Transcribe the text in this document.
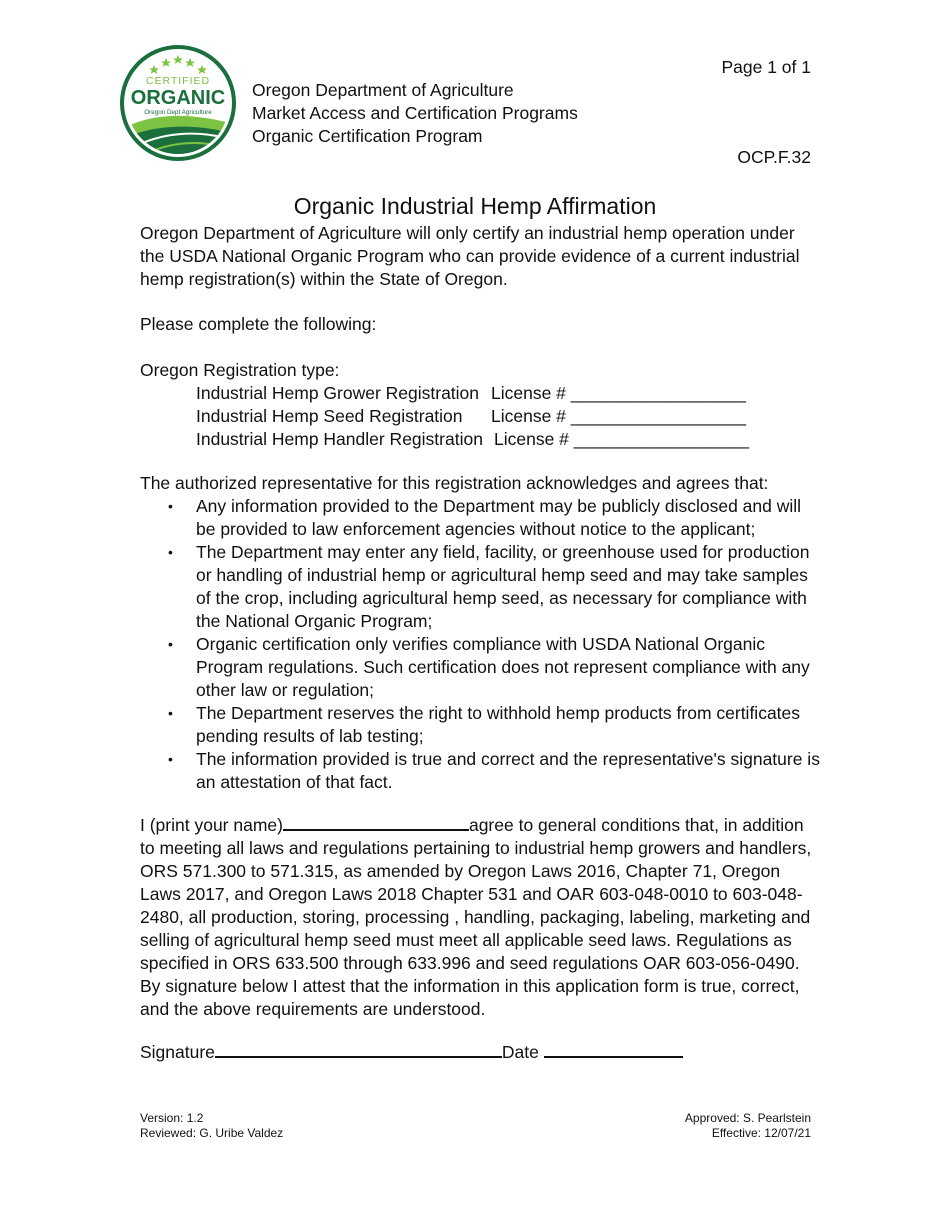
CERTIFIED
ORGANIC
Oregon Dept Agriculture
Oregon Department of Agriculture
Market Access and Certification Programs
Organic Certification Program
Page 1 of 1
OCP.F.32
Organic Industrial Hemp Affirmation
Oregon Department of Agriculture will only certify an industrial hemp operation under the USDA National Organic Program who can provide evidence of a current industrial hemp registration(s) within the State of Oregon.
Please complete the following:
Oregon Registration type:
Industrial Hemp Grower Registration License # __________________
Industrial Hemp Seed Registration License # __________________
Industrial Hemp Handler Registration License # __________________
The authorized representative for this registration acknowledges and agrees that:
• Any information provided to the Department may be publicly disclosed and will be provided to law enforcement agencies without notice to the applicant;
• The Department may enter any field, facility, or greenhouse used for production or handling of industrial hemp or agricultural hemp seed and may take samples of the crop, including agricultural hemp seed, as necessary for compliance with the National Organic Program;
• Organic certification only verifies compliance with USDA National Organic Program regulations. Such certification does not represent compliance with any other law or regulation;
• The Department reserves the right to withhold hemp products from certificates pending results of lab testing;
• The information provided is true and correct and the representative's signature is an attestation of that fact.
I (print your name)	agree to general conditions that, in addition to meeting all laws and regulations pertaining to industrial hemp growers and handlers, ORS 571.300 to 571.315, as amended by Oregon Laws 2016, Chapter 71, Oregon Laws 2017, and Oregon Laws 2018 Chapter 531 and OAR 603-048-0010 to 603-048-2480, all production, storing, processing , handling, packaging, labeling, marketing and selling of agricultural hemp seed must meet all applicable seed laws. Regulations as specified in ORS 633.500 through 633.996 and seed regulations OAR 603-056-0490. By signature below I attest that the information in this application form is true, correct, and the above requirements are understood.
Signature	Date
Version: 1.2
Reviewed: G. Uribe Valdez
Approved: S. Pearlstein
Effective: 12/07/21
